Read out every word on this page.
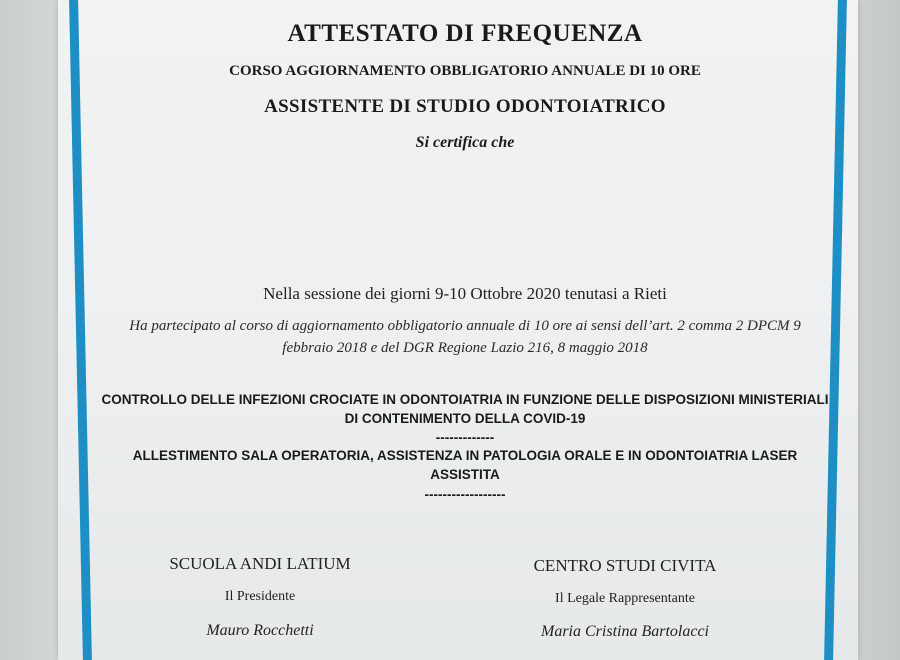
ATTESTATO DI FREQUENZA

CORSO AGGIORNAMENTO OBBLIGATORIO ANNUALE DI 10 ORE

ASSISTENTE DI STUDIO ODONTOIATRICO

Si certifica che

Nella sessione dei giorni 9-10 Ottobre 2020 tenutasi a Rieti

Ha partecipato al corso di aggiornamento obbligatorio annuale di 10 ore ai sensi dell’art. 2 comma 2 DPCM 9 febbraio 2018 e del DGR Regione Lazio 216, 8 maggio 2018

CONTROLLO DELLE INFEZIONI CROCIATE IN ODONTOIATRIA IN FUNZIONE DELLE DISPOSIZIONI MINISTERIALI DI CONTENIMENTO DELLA COVID-19

-------------

ALLESTIMENTO SALA OPERATORIA, ASSISTENZA IN PATOLOGIA ORALE E IN ODONTOIATRIA LASER ASSISTITA

------------------

SCUOLA ANDI LATIUM
Il Presidente
Mauro Rocchetti
CENTRO STUDI CIVITA
Il Legale Rappresentante
Maria Cristina Bartolacci
